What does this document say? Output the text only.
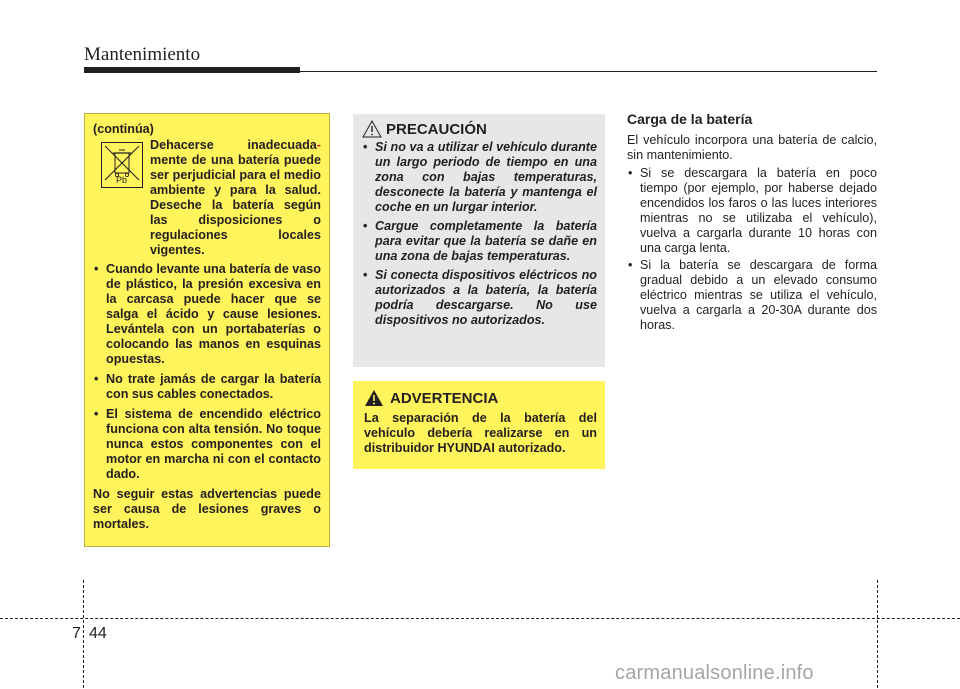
Mantenimiento
(continúa)
Pb
Dehacerse inadecuada- mente de una batería puede ser perjudicial para el medio ambiente y para la salud. Deseche la batería según las disposiciones o regulaciones locales vigentes.
• Cuando levante una batería de vaso de plástico, la presión excesiva en la carcasa puede hacer que se salga el ácido y cause lesiones. Levántela con un portabaterías o colocando las manos en esquinas opuestas.
• No trate jamás de cargar la batería con sus cables conectados.
• El sistema de encendido eléctrico funciona con alta tensión. No toque nunca estos componentes con el motor en marcha ni con el contacto dado.
No seguir estas advertencias puede ser causa de lesiones graves o mortales.
PRECAUCIÓN
• Si no va a utilizar el vehículo durante un largo periodo de tiempo en una zona con bajas temperaturas, desconecte la batería y mantenga el coche en un lurgar interior.
• Cargue completamente la batería para evitar que la batería se dañe en una zona de bajas temperaturas.
• Si conecta dispositivos eléctricos no autorizados a la batería, la batería podría descargarse. No use dispositivos no autorizados.
ADVERTENCIA
La separación de la batería del vehículo debería realizarse en un distribuidor HYUNDAI autorizado.
Carga de la batería
El vehículo incorpora una batería de calcio, sin mantenimiento.
• Si se descargara la batería en poco tiempo (por ejemplo, por haberse dejado encendidos los faros o las luces interiores mientras no se utilizaba el vehículo), vuelva a cargarla durante 10 horas con una carga lenta.
• Si la batería se descargara de forma gradual debido a un elevado consumo eléctrico mientras se utiliza el vehículo, vuelva a cargarla a 20-30A durante dos horas.
7 44
carmanualsonline.info
